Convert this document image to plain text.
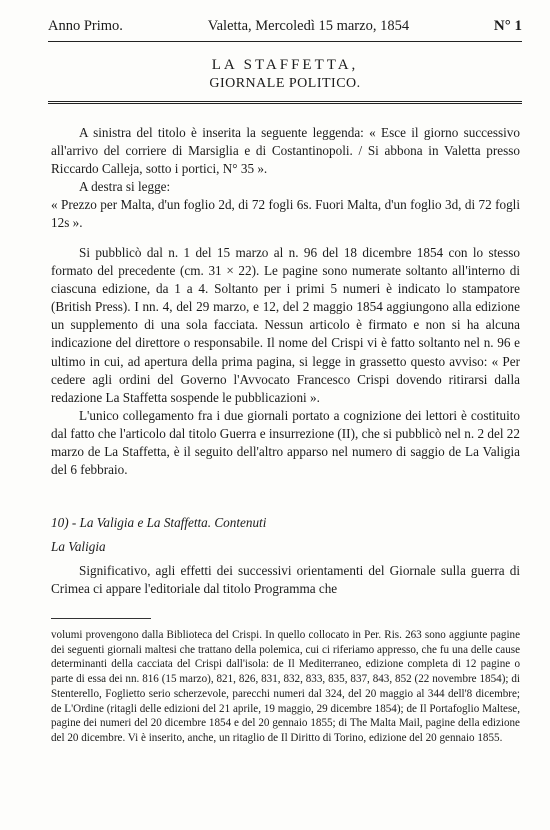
Anno Primo.	Valetta, Mercoledì 15 marzo, 1854	N° 1
LA STAFFETTA,
GIORNALE POLITICO.

A sinistra del titolo è inserita la seguente leggenda: « Esce il giorno successivo all'arrivo del corriere di Marsiglia e di Costantinopoli. / Si abbona in Valetta presso Riccardo Calleja, sotto i portici, N° 35 ».

A destra si legge:

« Prezzo per Malta, d'un foglio 2d, di 72 fogli 6s. Fuori Malta, d'un foglio 3d, di 72 fogli 12s ».

Si pubblicò dal n. 1 del 15 marzo al n. 96 del 18 dicembre 1854 con lo stesso formato del precedente (cm. 31 × 22). Le pagine sono numerate soltanto all'interno di ciascuna edizione, da 1 a 4. Soltanto per i primi 5 numeri è indicato lo stampatore (British Press). I nn. 4, del 29 marzo, e 12, del 2 maggio 1854 aggiungono alla edizione un supplemento di una sola facciata. Nessun articolo è firmato e non si ha alcuna indicazione del direttore o responsabile. Il nome del Crispi vi è fatto soltanto nel n. 96 e ultimo in cui, ad apertura della prima pagina, si legge in grassetto questo avviso: « Per cedere agli ordini del Governo l'Avvocato Francesco Crispi dovendo ritirarsi dalla redazione La Staffetta sospende le pubblicazioni ».

L'unico collegamento fra i due giornali portato a cognizione dei lettori è costituito dal fatto che l'articolo dal titolo Guerra e insurrezione (II), che si pubblicò nel n. 2 del 22 marzo de La Staffetta, è il seguito dell'altro apparso nel numero di saggio de La Valigia del 6 febbraio.

10) - La Valigia e La Staffetta. Contenuti

La Valigia

Significativo, agli effetti dei successivi orientamenti del Giornale sulla guerra di Crimea ci appare l'editoriale dal titolo Programma che

volumi provengono dalla Biblioteca del Crispi. In quello collocato in Per. Ris. 263 sono aggiunte pagine dei seguenti giornali maltesi che trattano della polemica, cui ci riferiamo appresso, che fu una delle cause determinanti della cacciata del Crispi dall'isola: de Il Mediterraneo, edizione completa di 12 pagine o parte di essa dei nn. 816 (15 marzo), 821, 826, 831, 832, 833, 835, 837, 843, 852 (22 novembre 1854); di Stenterello, Foglietto serio scherzevole, parecchi numeri dal 324, del 20 maggio al 344 dell'8 dicembre; de L'Ordine (ritagli delle edizioni del 21 aprile, 19 maggio, 29 dicembre 1854); de Il Portafoglio Maltese, pagine dei numeri del 20 dicembre 1854 e del 20 gennaio 1855; di The Malta Mail, pagine della edizione del 20 dicembre. Vi è inserito, anche, un ritaglio de Il Diritto di Torino, edizione del 20 gennaio 1855.
